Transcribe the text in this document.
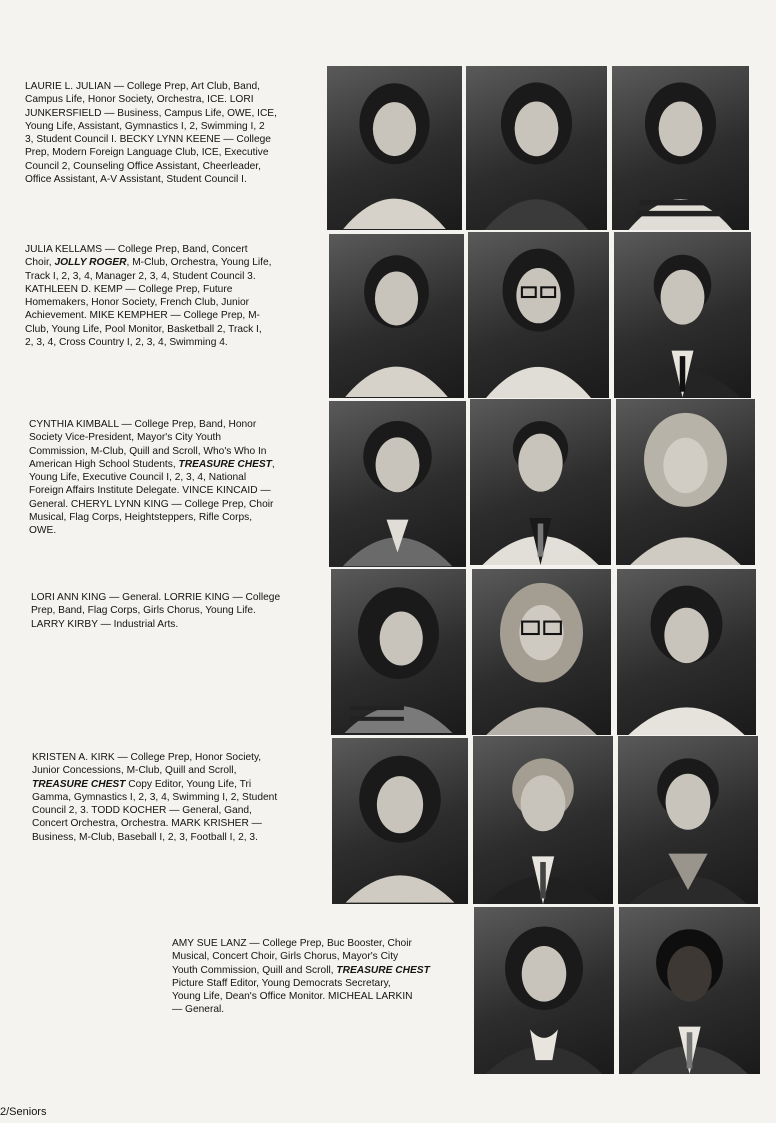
LAURIE L. JULIAN — College Prep, Art Club, Band,
Campus Life, Honor Society, Orchestra, ICE. LORI
JUNKERSFIELD — Business, Campus Life, OWE, ICE,
Young Life, Assistant, Gymnastics I, 2, Swimming I, 2
3, Student Council I. BECKY LYNN KEENE — College
Prep, Modern Foreign Language Club, ICE, Executive
Council 2, Counseling Office Assistant, Cheerleader,
Office Assistant, A-V Assistant, Student Council I.

JULIA KELLAMS — College Prep, Band, Concert
Choir, JOLLY ROGER, M-Club, Orchestra, Young Life,
Track I, 2, 3, 4, Manager 2, 3, 4, Student Council 3.
KATHLEEN D. KEMP — College Prep, Future
Homemakers, Honor Society, French Club, Junior
Achievement. MIKE KEMPHER — College Prep, M-
Club, Young Life, Pool Monitor, Basketball 2, Track I,
2, 3, 4, Cross Country I, 2, 3, 4, Swimming 4.

CYNTHIA KIMBALL — College Prep, Band, Honor
Society Vice-President, Mayor's City Youth
Commission, M-Club, Quill and Scroll, Who's Who In
American High School Students, TREASURE CHEST,
Young Life, Executive Council I, 2, 3, 4, National
Foreign Affairs Institute Delegate. VINCE KINCAID —
General. CHERYL LYNN KING — College Prep, Choir
Musical, Flag Corps, Heightsteppers, Rifle Corps,
OWE.

LORI ANN KING — General. LORRIE KING — College
Prep, Band, Flag Corps, Girls Chorus, Young Life.
LARRY KIRBY — Industrial Arts.

KRISTEN A. KIRK — College Prep, Honor Society,
Junior Concessions, M-Club, Quill and Scroll,
TREASURE CHEST Copy Editor, Young Life, Tri
Gamma, Gymnastics I, 2, 3, 4, Swimming I, 2, Student
Council 2, 3. TODD KOCHER — General, Gand,
Concert Orchestra, Orchestra. MARK KRISHER —
Business, M-Club, Baseball I, 2, 3, Football I, 2, 3.

AMY SUE LANZ — College Prep, Buc Booster, Choir
Musical, Concert Choir, Girls Chorus, Mayor's City
Youth Commission, Quill and Scroll, TREASURE CHEST
Picture Staff Editor, Young Democrats Secretary,
Young Life, Dean's Office Monitor. MICHEAL LARKIN
— General.

2/Seniors
